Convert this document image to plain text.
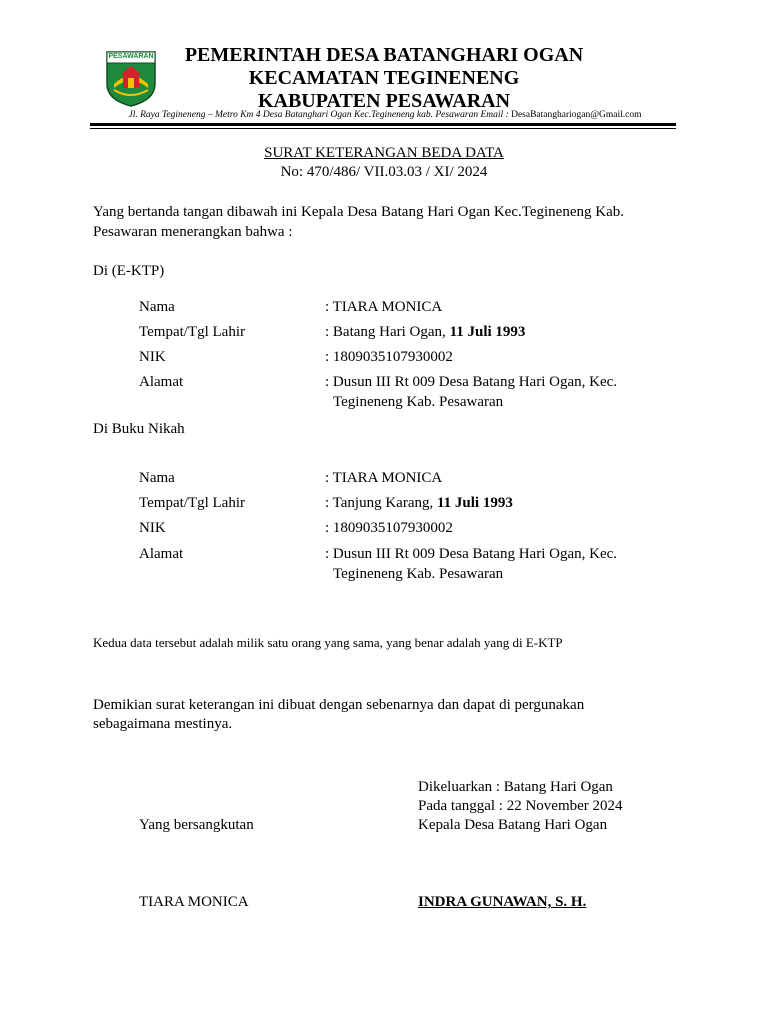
PESAWARAN	PEMERINTAH DESA BATANGHARI OGAN
KECAMATAN TEGINENENG
KABUPATEN PESAWARAN
Jl. Raya Tegineneng – Metro Km 4 Desa Batanghari Ogan Kec.Tegineneng kab. Pesawaran Email : DesaBatanghariogan@Gmail.com
SURAT KETERANGAN BEDA DATA
No: 470/486/ VII.03.03 / XI/ 2024
Yang bertanda tangan dibawah ini Kepala Desa Batang Hari Ogan Kec.Tegineneng Kab.
Pesawaran menerangkan bahwa :
Di (E-KTP)
Nama	: TIARA MONICA
Tempat/Tgl Lahir	: Batang Hari Ogan, 11 Juli 1993
NIK	: 1809035107930002
Alamat	: Dusun III Rt 009 Desa Batang Hari Ogan, Kec.
Tegineneng Kab. Pesawaran
Di Buku Nikah
Nama	: TIARA MONICA
Tempat/Tgl Lahir	: Tanjung Karang, 11 Juli 1993
NIK	: 1809035107930002
Alamat	: Dusun III Rt 009 Desa Batang Hari Ogan, Kec.
Tegineneng Kab. Pesawaran
Kedua data tersebut adalah milik satu orang yang sama, yang benar adalah yang di E-KTP
Demikian surat keterangan ini dibuat dengan sebenarnya dan dapat di pergunakan
sebagaimana mestinya.
Dikeluarkan : Batang Hari Ogan
Pada tanggal : 22 November 2024
Kepala Desa Batang Hari Ogan
Yang bersangkutan
TIARA MONICA	INDRA GUNAWAN, S. H.
